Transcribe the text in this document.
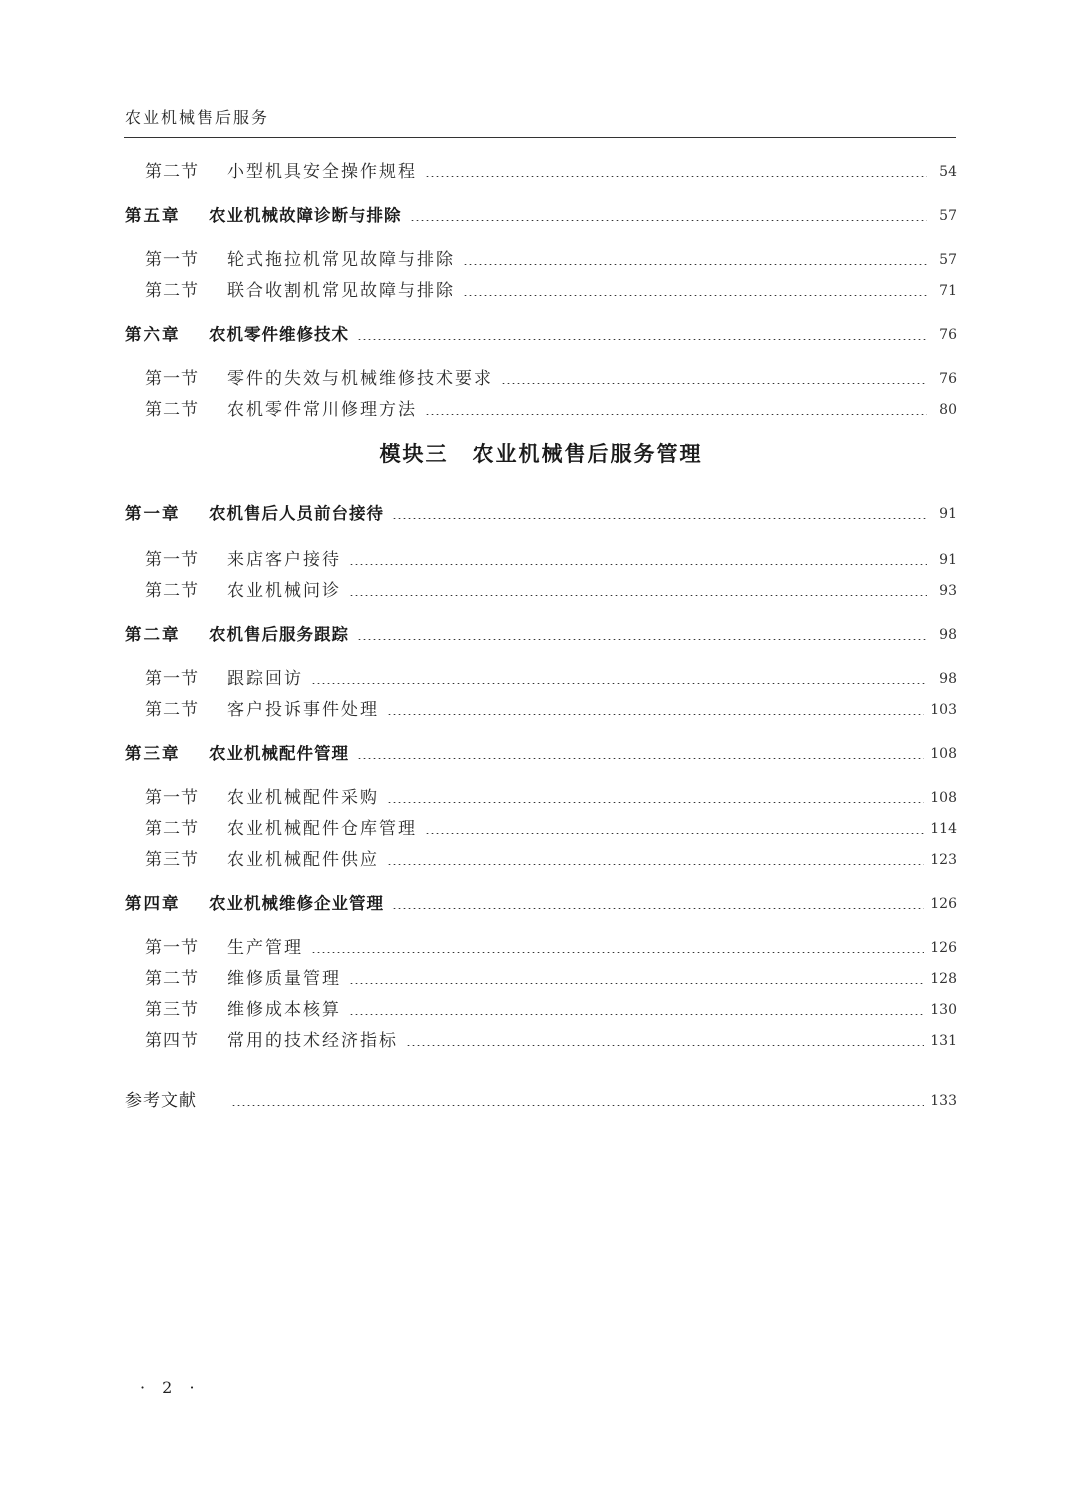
农业机械售后服务
第二节	小型机具安全操作规程	54
第五章	农业机械故障诊断与排除	57
第一节	轮式拖拉机常见故障与排除	57
第二节	联合收割机常见故障与排除	71
第六章	农机零件维修技术	76
第一节	零件的失效与机械维修技术要求	76
第二节	农机零件常川修理方法	80
模块三 农业机械售后服务管理
第一章	农机售后人员前台接待	91
第一节	来店客户接待	91
第二节	农业机械问诊	93
第二章	农机售后服务跟踪	98
第一节	跟踪回访	98
第二节	客户投诉事件处理	103
第三章	农业机械配件管理	108
第一节	农业机械配件采购	108
第二节	农业机械配件仓库管理	114
第三节	农业机械配件供应	123
第四章	农业机械维修企业管理	126
第一节	生产管理	126
第二节	维修质量管理	128
第三节	维修成本核算	130
第四节	常用的技术经济指标	131
参考文献	133
· 2 ·
